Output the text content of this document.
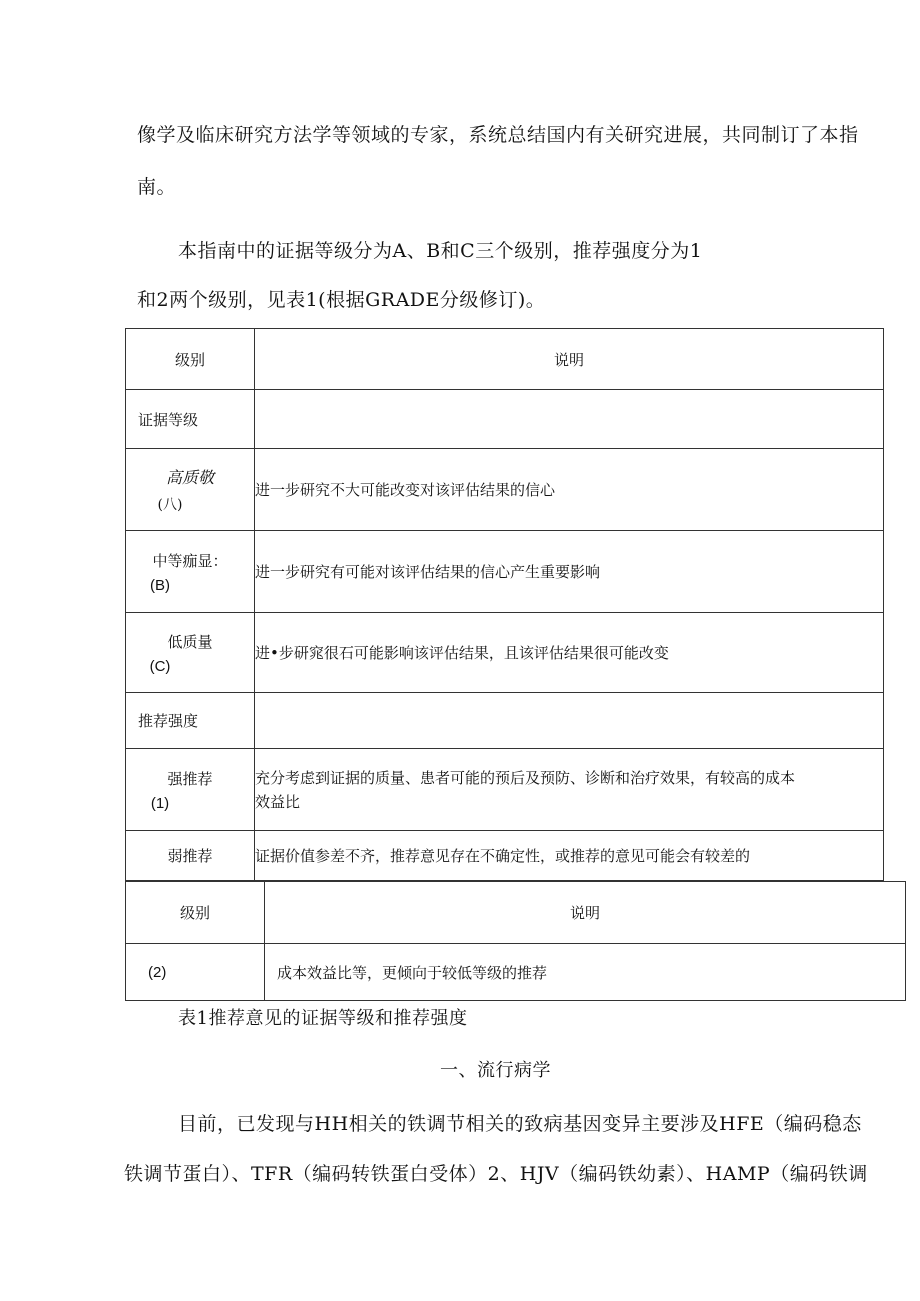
像学及临床研究方法学等领域的专家，系统总结国内有关研究进展，共同制订了本指
南。
本指南中的证据等级分为A、B和C三个级别，推荐强度分为1
和2两个级别，见表1(根据GRADE分级修订)。
级别	说明
证据等级	
高质敬
(八)	进一步研究不大可能改变对该评估结果的信心
中等痂显：
(B)	进一步研究有可能对该评估结果的信心产生重要影响
低质量
(C)	进•步研窕很石可能影响该评估结果，且该评估结果很可能改变
推荐强度	
强推荐
(1)	充分考虑到证据的质量、患者可能的预后及预防、诊断和治疗效果，有较高的成本
效益比

弱推荐	证据价值参差不齐，推荐意见存在不确定性，或推荐的意见可能会有较差的
级别	说明
(2)	成本效益比等，更倾向于较低等级的推荐
表1推荐意见的证据等级和推荐强度
一、流行病学
目前，已发现与HH相关的铁调节相关的致病基因变异主要涉及HFE（编码稳态
铁调节蛋白）、TFR（编码转铁蛋白受体）2、HJV（编码铁幼素）、HAMP（编码铁调
